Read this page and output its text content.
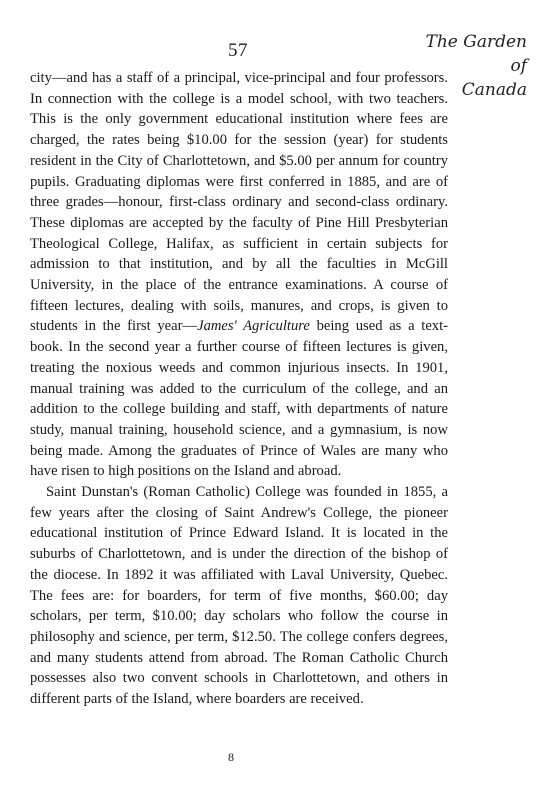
57	The Garden of
Canada

city—and has a staff of a principal, vice-principal and four professors. In connection with the college is a model school, with two teachers. This is the only government educational institution where fees are charged, the rates being $10.00 for the session (year) for students resident in the City of Charlottetown, and $5.00 per annum for country pupils. Graduating diplomas were first conferred in 1885, and are of three grades—honour, first-class ordinary and second-class ordinary. These diplomas are accepted by the faculty of Pine Hill Presbyterian Theological College, Halifax, as sufficient in certain subjects for admission to that institution, and by all the faculties in McGill University, in the place of the entrance examinations. A course of fifteen lectures, dealing with soils, manures, and crops, is given to students in the first year—James' Agriculture being used as a text-book. In the second year a further course of fifteen lectures is given, treating the noxious weeds and common injurious insects. In 1901, manual training was added to the curriculum of the college, and an addition to the college building and staff, with departments of nature study, manual training, household science, and a gymnasium, is now being made. Among the graduates of Prince of Wales are many who have risen to high positions on the Island and abroad.

Saint Dunstan's (Roman Catholic) College was founded in 1855, a few years after the closing of Saint Andrew's College, the pioneer educational institution of Prince Edward Island. It is located in the suburbs of Charlottetown, and is under the direction of the bishop of the diocese. In 1892 it was affiliated with Laval University, Quebec. The fees are: for boarders, for term of five months, $60.00; day scholars, per term, $10.00; day scholars who follow the course in philosophy and science, per term, $12.50. The college confers degrees, and many students attend from abroad. The Roman Catholic Church possesses also two convent schools in Charlottetown, and others in different parts of the Island, where boarders are received.

8
